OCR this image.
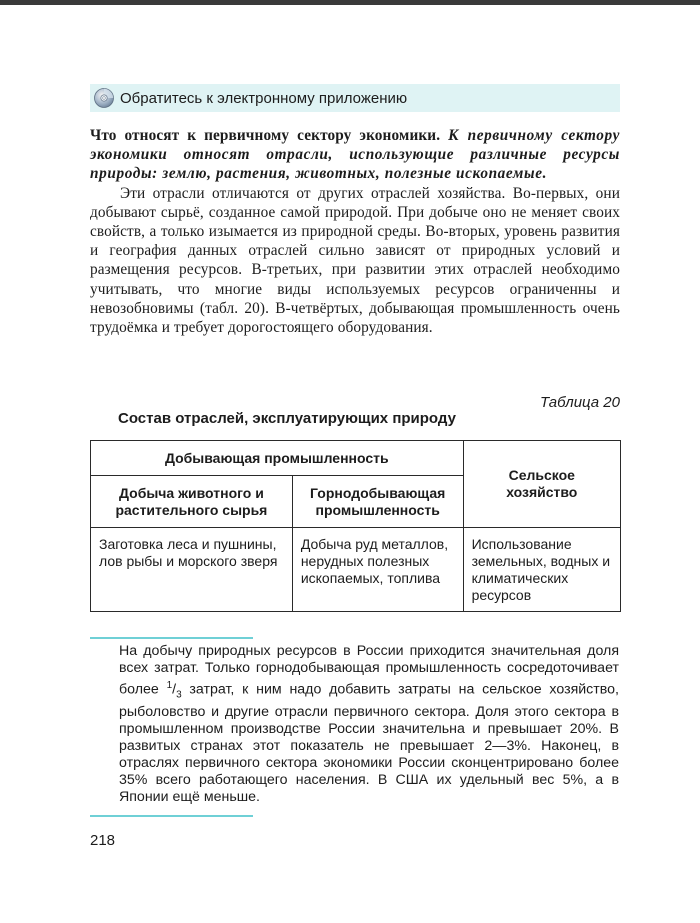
Обратитесь к электронному приложению

Что относят к первичному сектору экономики. К первичному сектору экономики относят отрасли, использующие различные ресурсы природы: землю, растения, животных, полезные ископаемые.

Эти отрасли отличаются от других отраслей хозяйства. Во-первых, они добывают сырьё, созданное самой природой. При добыче оно не меняет своих свойств, а только изымается из природной среды. Во-вторых, уровень развития и география данных отраслей сильно зависят от природных условий и размещения ресурсов. В-третьих, при развитии этих отраслей необходимо учитывать, что многие виды используемых ресурсов ограниченны и невозобновимы (табл. 20). В-четвёртых, добывающая промышленность очень трудоёмка и требует дорогостоящего оборудования.

Таблица 20
Состав отраслей, эксплуатирующих природу
Добывающая промышленность		Сельское хозяйство
Добыча животного и растительного сырья	Горнодобывающая промышленность	
Заготовка леса и пушнины, лов рыбы и морского зверя	Добыча руд металлов, нерудных полезных ископаемых, топлива	Использование земельных, водных и климатических ресурсов
На добычу природных ресурсов в России приходится значительная доля всех затрат. Только горнодобывающая промышленность сосредоточивает более $^1/_3$ затрат, к ним надо добавить затраты на сельское хозяйство, рыболовство и другие отрасли первичного сектора. Доля этого сектора в промышленном производстве России значительна и превышает 20%. В развитых странах этот показатель не превышает 2—3%. Наконец, в отраслях первичного сектора экономики России сконцентрировано более 35% всего работающего населения. В США их удельный вес 5%, а в Японии ещё меньше.
218
